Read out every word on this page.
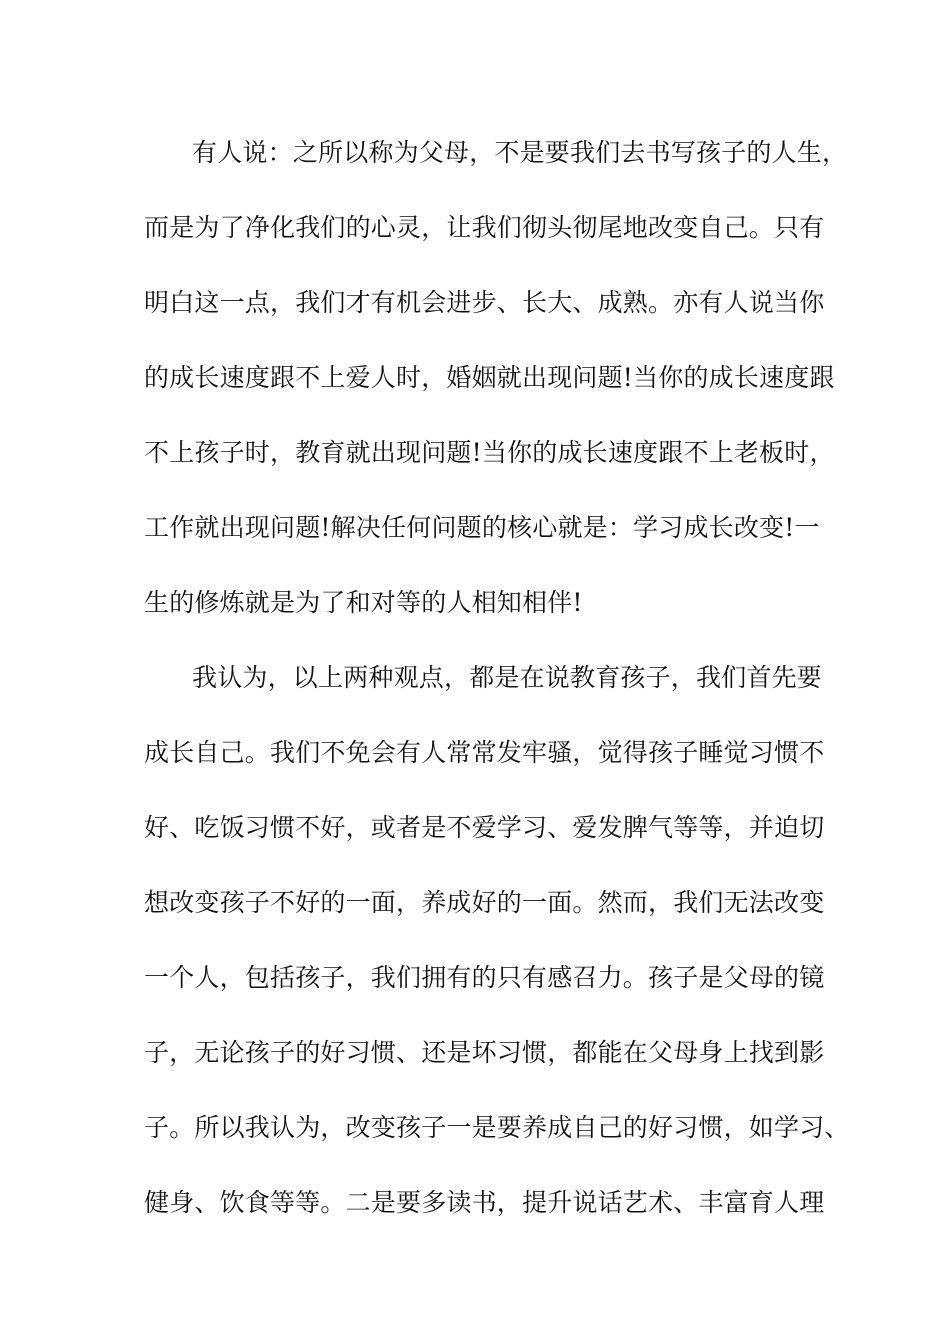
有人说：之所以称为父母，不是要我们去书写孩子的人生，
而是为了净化我们的心灵，让我们彻头彻尾地改变自己。只有
明白这一点，我们才有机会进步、长大、成熟。亦有人说当你
的成长速度跟不上爱人时，婚姻就出现问题!当你的成长速度跟
不上孩子时，教育就出现问题!当你的成长速度跟不上老板时，
工作就出现问题!解决任何问题的核心就是：学习成长改变!一
生的修炼就是为了和对等的人相知相伴!
我认为，以上两种观点，都是在说教育孩子，我们首先要
成长自己。我们不免会有人常常发牢骚，觉得孩子睡觉习惯不
好、吃饭习惯不好，或者是不爱学习、爱发脾气等等，并迫切
想改变孩子不好的一面，养成好的一面。然而，我们无法改变
一个人，包括孩子，我们拥有的只有感召力。孩子是父母的镜
子，无论孩子的好习惯、还是坏习惯，都能在父母身上找到影
子。所以我认为，改变孩子一是要养成自己的好习惯，如学习、
健身、饮食等等。二是要多读书，提升说话艺术、丰富育人理
